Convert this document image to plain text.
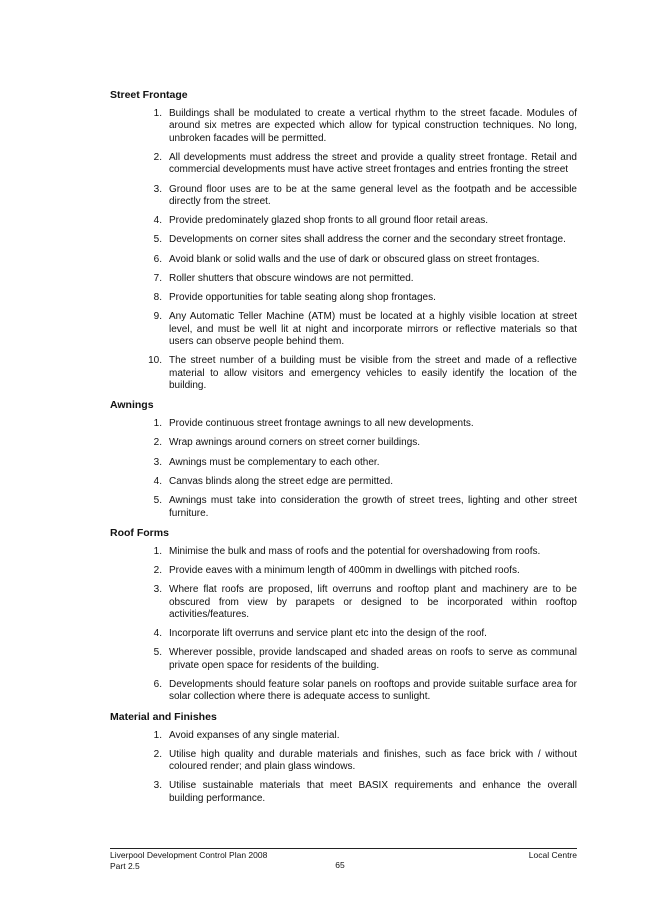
Street Frontage
1. Buildings shall be modulated to create a vertical rhythm to the street facade. Modules of around six metres are expected which allow for typical construction techniques. No long, unbroken facades will be permitted.
2. All developments must address the street and provide a quality street frontage. Retail and commercial developments must have active street frontages and entries fronting the street
3. Ground floor uses are to be at the same general level as the footpath and be accessible directly from the street.
4. Provide predominately glazed shop fronts to all ground floor retail areas.
5. Developments on corner sites shall address the corner and the secondary street frontage.
6. Avoid blank or solid walls and the use of dark or obscured glass on street frontages.
7. Roller shutters that obscure windows are not permitted.
8. Provide opportunities for table seating along shop frontages.
9. Any Automatic Teller Machine (ATM) must be located at a highly visible location at street level, and must be well lit at night and incorporate mirrors or reflective materials so that users can observe people behind them.
10. The street number of a building must be visible from the street and made of a reflective material to allow visitors and emergency vehicles to easily identify the location of the building.
Awnings
1. Provide continuous street frontage awnings to all new developments.
2. Wrap awnings around corners on street corner buildings.
3. Awnings must be complementary to each other.
4. Canvas blinds along the street edge are permitted.
5. Awnings must take into consideration the growth of street trees, lighting and other street furniture.
Roof Forms
1. Minimise the bulk and mass of roofs and the potential for overshadowing from roofs.
2. Provide eaves with a minimum length of 400mm in dwellings with pitched roofs.
3. Where flat roofs are proposed, lift overruns and rooftop plant and machinery are to be obscured from view by parapets or designed to be incorporated within rooftop activities/features.
4. Incorporate lift overruns and service plant etc into the design of the roof.
5. Wherever possible, provide landscaped and shaded areas on roofs to serve as communal private open space for residents of the building.
6. Developments should feature solar panels on rooftops and provide suitable surface area for solar collection where there is adequate access to sunlight.
Material and Finishes
1. Avoid expanses of any single material.
2. Utilise high quality and durable materials and finishes, such as face brick with / without coloured render; and plain glass windows.
3. Utilise sustainable materials that meet BASIX requirements and enhance the overall building performance.
Liverpool Development Control Plan 2008
Part 2.5	65
Local Centre
